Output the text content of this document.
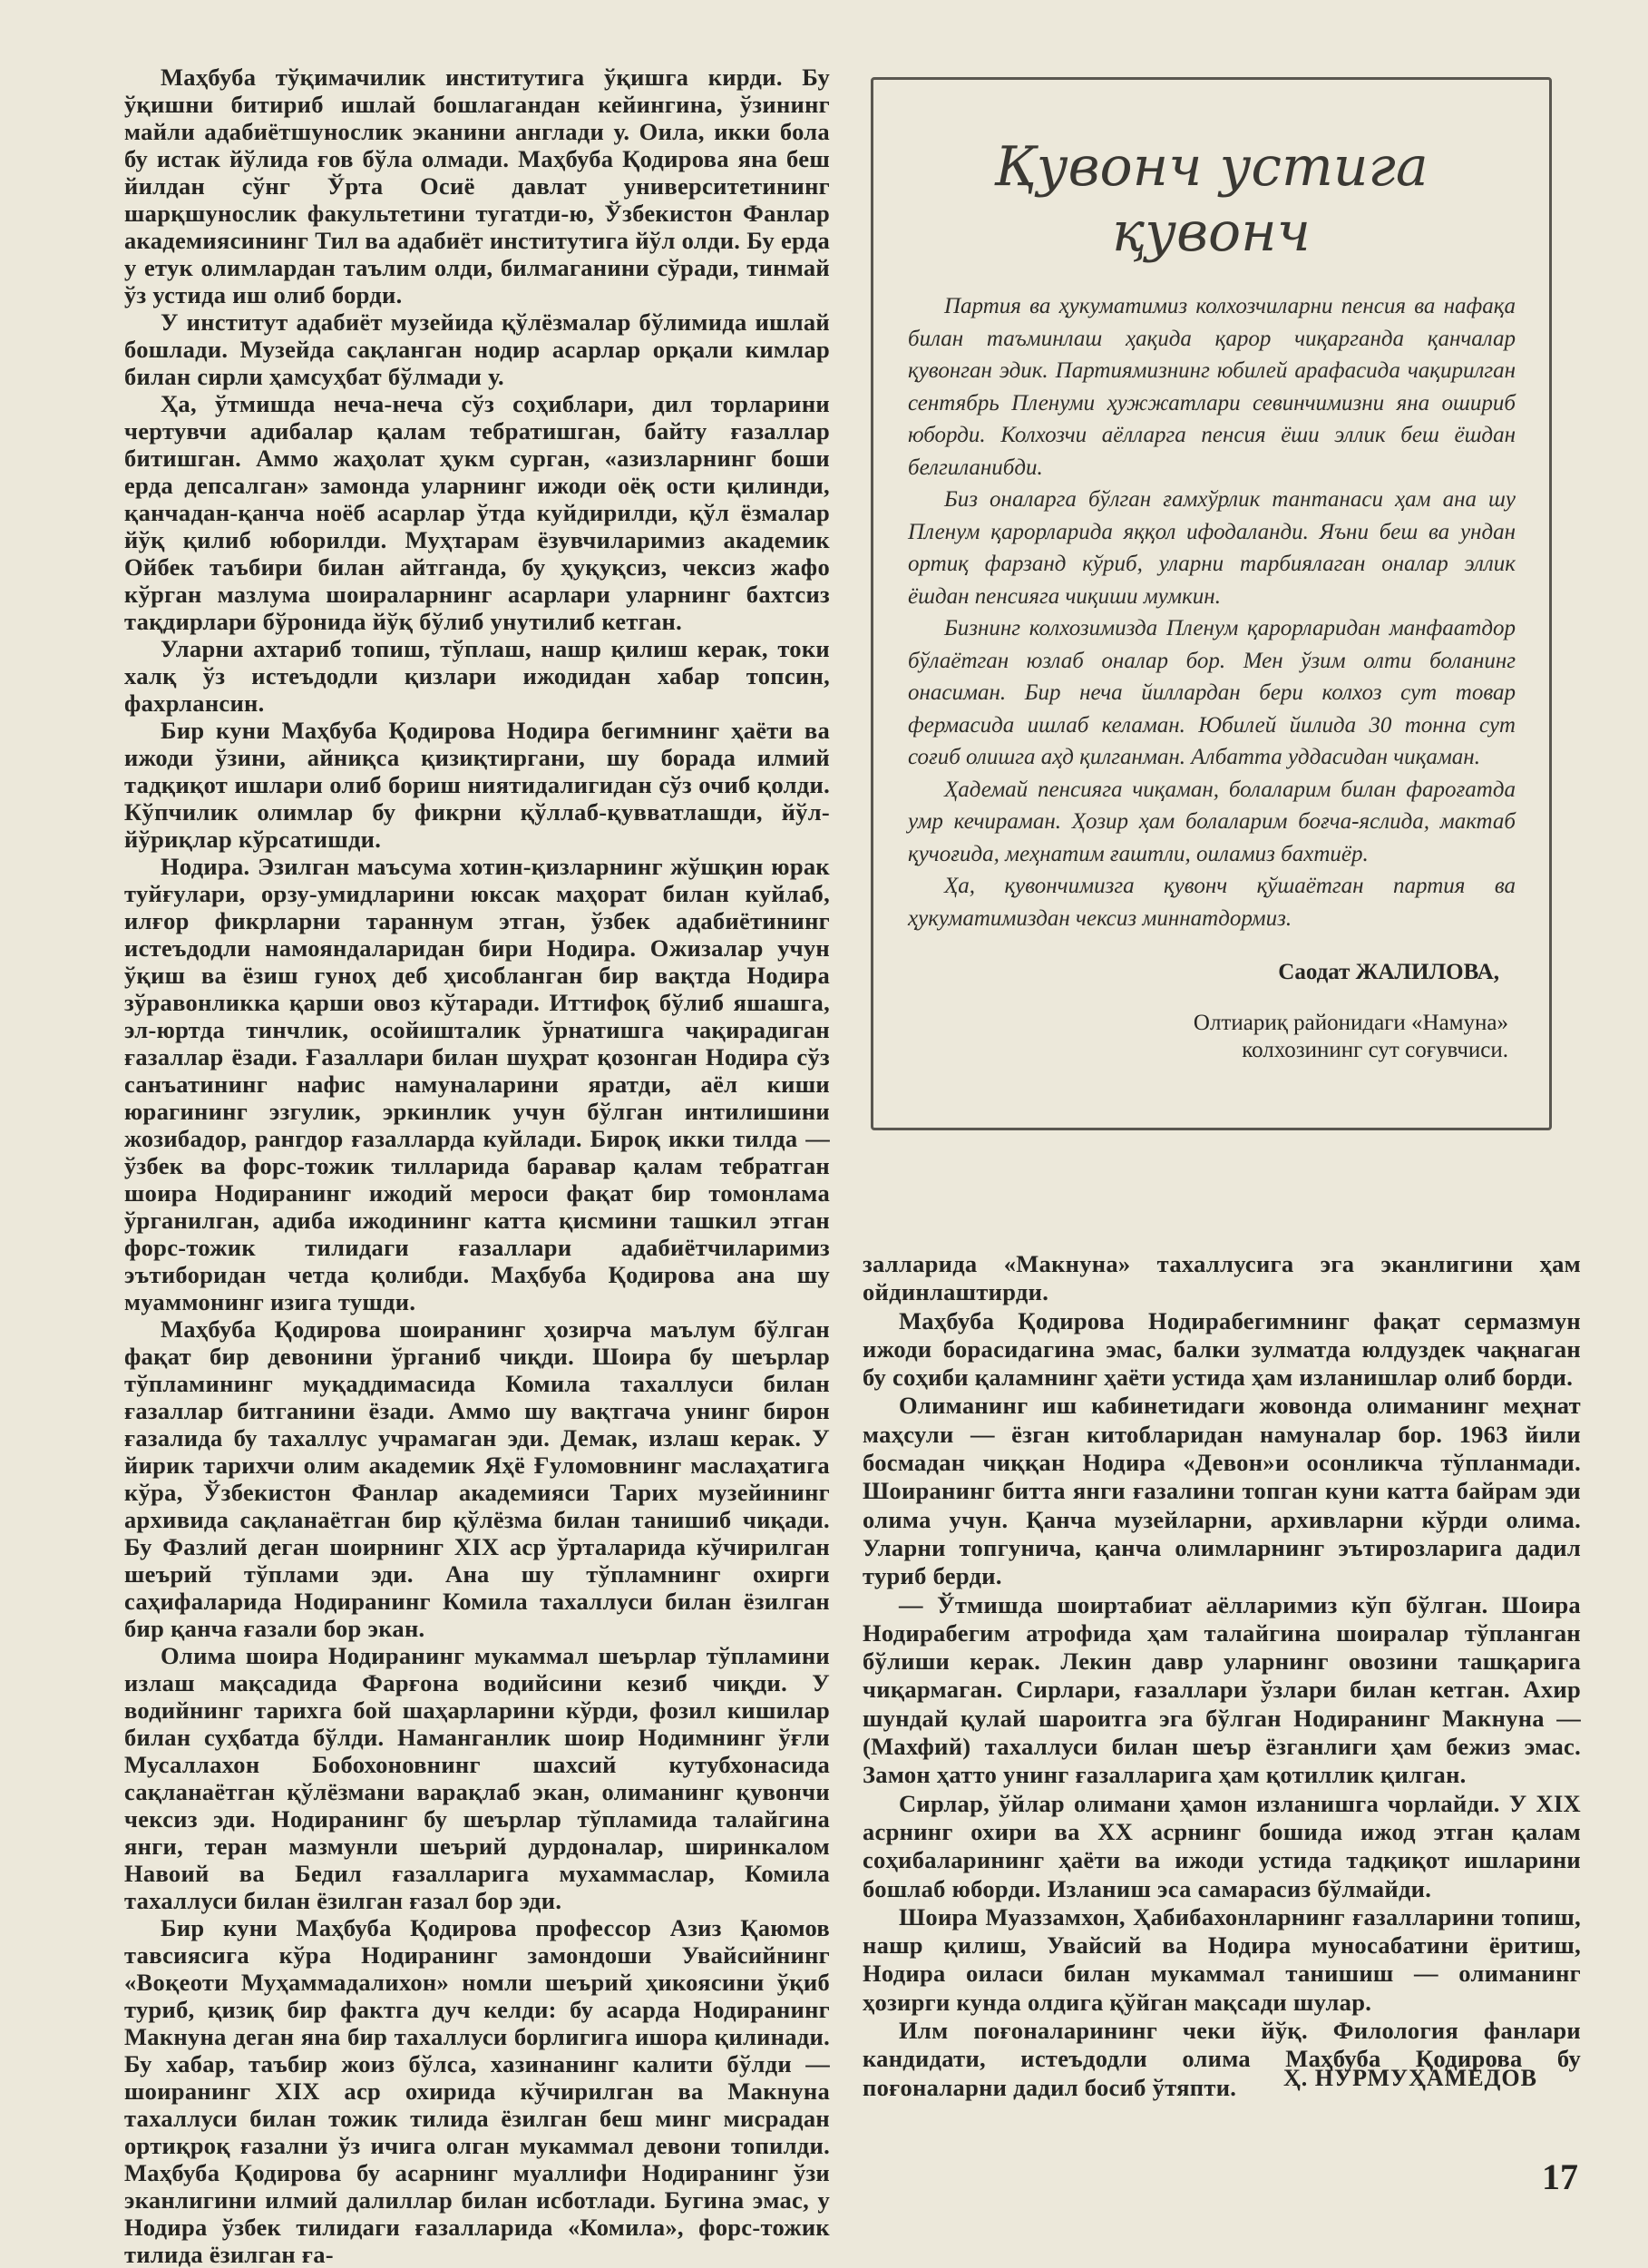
Маҳбуба тўқимачилик институтига ўқишга кирди. Бу ўқишни битириб ишлай бошлагандан кейингина, ўзининг майли адабиётшунослик эканини англади у. Оила, икки бола бу истак йўлида ғов бўла олмади. Маҳбуба Қодирова яна беш йилдан сўнг Ўрта Осиё давлат университетининг шарқшунослик факультетини тугатди-ю, Ўзбекистон Фанлар академиясининг Тил ва адабиёт институтига йўл олди. Бу ерда у етук олимлардан таълим олди, билмаганини сўради, тинмай ўз устида иш олиб борди.

У институт адабиёт музейида қўлёзмалар бўлимида ишлай бошлади. Музейда сақланган нодир асарлар орқали кимлар билан сирли ҳамсуҳбат бўлмади у.

Ҳа, ўтмишда неча-неча сўз соҳиблари, дил торларини чертувчи адибалар қалам тебратишган, байту ғазаллар битишган. Аммо жаҳолат ҳукм сурган, «азизларнинг боши ерда депсалган» замонда уларнинг ижоди оёқ ости қилинди, қанчадан-қанча ноёб асарлар ўтда куйдирилди, қўл ёзмалар йўқ қилиб юборилди. Муҳтарам ёзувчиларимиз академик Ойбек таъбири билан айтганда, бу ҳуқуқсиз, чексиз жафо кўрган мазлума шоираларнинг асарлари уларнинг бахтсиз тақдирлари бўронида йўқ бўлиб унутилиб кетган.

Уларни ахтариб топиш, тўплаш, нашр қилиш керак, токи халқ ўз истеъдодли қизлари ижодидан хабар топсин, фахрлансин.

Бир куни Маҳбуба Қодирова Нодира бегимнинг ҳаёти ва ижоди ўзини, айниқса қизиқтиргани, шу борада илмий тадқиқот ишлари олиб бориш ниятидалигидан сўз очиб қолди. Кўпчилик олимлар бу фикрни қўллаб-қувватлашди, йўл-йўриқлар кўрсатишди.

Нодира. Эзилган маъсума хотин-қизларнинг жўшқин юрак туйғулари, орзу-умидларини юксак маҳорат билан куйлаб, илғор фикрларни тараннум этган, ўзбек адабиётининг истеъдодли намояндаларидан бири Нодира. Ожизалар учун ўқиш ва ёзиш гуноҳ деб ҳисобланган бир вақтда Нодира зўравонликка қарши овоз кўтаради. Иттифоқ бўлиб яшашга, эл-юртда тинчлик, осойишталик ўрнатишга чақирадиган ғазаллар ёзади. Ғазаллари билан шуҳрат қозонган Нодира сўз санъатининг нафис намуналарини яратди, аёл киши юрагининг эзгулик, эркинлик учун бўлган интилишини жозибадор, рангдор ғазалларда куйлади. Бироқ икки тилда — ўзбек ва форс-тожик тилларида баравар қалам тебратган шоира Нодиранинг ижодий мероси фақат бир томонлама ўрганилган, адиба ижодининг катта қисмини ташкил этган форс-тожик тилидаги ғазаллари адабиётчиларимиз эътиборидан четда қолибди. Маҳбуба Қодирова ана шу муаммонинг изига тушди.

Маҳбуба Қодирова шоиранинг ҳозирча маълум бўлган фақат бир девонини ўрганиб чиқди. Шоира бу шеърлар тўпламининг муқаддимасида Комила тахаллуси билан ғазаллар битганини ёзади. Аммо шу вақтгача унинг бирон ғазалида бу тахаллус учрамаган эди. Демак, излаш керак. У йирик тарихчи олим академик Яҳё Ғуломовнинг маслаҳатига кўра, Ўзбекистон Фанлар академияси Тарих музейининг архивида сақланаётган бир қўлёзма билан танишиб чиқади. Бу Фазлий деган шоирнинг XIX аср ўрталарида кўчирилган шеърий тўплами эди. Ана шу тўпламнинг охирги саҳифаларида Нодиранинг Комила тахаллуси билан ёзилган бир қанча ғазали бор экан.

Олима шоира Нодиранинг мукаммал шеърлар тўпламини излаш мақсадида Фарғона водийсини кезиб чиқди. У водийнинг тарихга бой шаҳарларини кўрди, фозил кишилар билан суҳбатда бўлди. Наманганлик шоир Нодимнинг ўғли Мусаллахон Бобохоновнинг шахсий кутубхонасида сақланаётган қўлёзмани варақлаб экан, олиманинг қувончи чексиз эди. Нодиранинг бу шеърлар тўпламида талайгина янги, теран мазмунли шеърий дурдоналар, ширинкалом Навоий ва Бедил ғазалларига мухаммаслар, Комила тахаллуси билан ёзилган ғазал бор эди.

Бир куни Маҳбуба Қодирова профессор Азиз Қаюмов тавсиясига кўра Нодиранинг замондоши Увайсийнинг «Воқеоти Муҳаммадалихон» номли шеърий ҳикоясини ўқиб туриб, қизиқ бир фактга дуч келди: бу асарда Нодиранинг Макнуна деган яна бир тахаллуси борлигига ишора қилинади. Бу хабар, таъбир жоиз бўлса, хазинанинг калити бўлди — шоиранинг XIX аср охирида кўчирилган ва Макнуна тахаллуси билан тожик тилида ёзилган беш минг мисрадан ортиқроқ ғазални ўз ичига олган мукаммал девони топилди. Маҳбуба Қодирова бу асарнинг муаллифи Нодиранинг ўзи эканлигини илмий далиллар билан исботлади. Бугина эмас, у Нодира ўзбек тилидаги ғазалларида «Комила», форс-тожик тилида ёзилган ға-

Қувонч устига
қувонч

Партия ва ҳукуматимиз колхозчиларни пенсия ва нафақа билан таъминлаш ҳақида қарор чиқарганда қанчалар қувонган эдик. Партиямизнинг юбилей арафасида чақирилган сентябрь Пленуми ҳужжатлари севинчимизни яна ошириб юборди. Колхозчи аёлларга пенсия ёши эллик беш ёшдан белгиланибди.

Биз оналарга бўлган ғамхўрлик тантанаси ҳам ана шу Пленум қарорларида яққол ифодаланди. Яъни беш ва ундан ортиқ фарзанд кўриб, уларни тарбиялаган оналар эллик ёшдан пенсияга чиқиши мумкин.

Бизнинг колхозимизда Пленум қарорларидан манфаатдор бўлаётган юзлаб оналар бор. Мен ўзим олти боланинг онасиман. Бир неча йиллардан бери колхоз сут товар фермасида ишлаб келаман. Юбилей йилида 30 тонна сут соғиб олишга аҳд қилганман. Албатта уддасидан чиқаман.

Ҳадемай пенсияга чиқаман, болаларим билан фароғатда умр кечираман. Ҳозир ҳам болаларим боғча-яслида, мактаб қучоғида, меҳнатим ғаштли, оиламиз бахтиёр.

Ҳа, қувончимизга қувонч қўшаётган партия ва ҳукуматимиздан чексиз миннатдормиз.

Саодат ЖАЛИЛОВА,
Олтиариқ районидаги «Намуна» колхозининг сут соғувчиси.

залларида «Макнуна» тахаллусига эга эканлигини ҳам ойдинлаштирди.

Маҳбуба Қодирова Нодирабегимнинг фақат сермазмун ижоди борасидагина эмас, балки зулматда юлдуздек чақнаган бу соҳиби қаламнинг ҳаёти устида ҳам изланишлар олиб борди.

Олиманинг иш кабинетидаги жовонда олиманинг меҳнат маҳсули — ёзган китобларидан намуналар бор. 1963 йили босмадан чиққан Нодира «Девон»и осонликча тўпланмади. Шоиранинг битта янги ғазалини топган куни катта байрам эди олима учун. Қанча музейларни, архивларни кўрди олима. Уларни топгунича, қанча олимларнинг эътирозларига дадил туриб берди.

— Ўтмишда шоиртабиат аёлларимиз кўп бўлган. Шоира Нодирабегим атрофида ҳам талайгина шоиралар тўпланган бўлиши керак. Лекин давр уларнинг овозини ташқарига чиқармаган. Сирлари, ғазаллари ўзлари билан кетган. Ахир шундай қулай шароитга эга бўлган Нодиранинг Макнуна — (Махфий) тахаллуси билан шеър ёзганлиги ҳам бежиз эмас. Замон ҳатто унинг ғазалларига ҳам қотиллик қилган.

Сирлар, ўйлар олимани ҳамон изланишга чорлайди. У XIX асрнинг охири ва XX асрнинг бошида ижод этган қалам соҳибаларининг ҳаёти ва ижоди устида тадқиқот ишларини бошлаб юборди. Изланиш эса самарасиз бўлмайди.

Шоира Муаззамхон, Ҳабибахонларнинг ғазалларини топиш, нашр қилиш, Увайсий ва Нодира муносабатини ёритиш, Нодира оиласи билан мукаммал танишиш — олиманинг ҳозирги кунда олдига қўйган мақсади шулар.

Илм поғоналарининг чеки йўқ. Филология фанлари кандидати, истеъдодли олима Маҳбуба Қодирова бу поғоналарни дадил босиб ўтяпти.	Ҳ. НУРМУҲАМЕДОВ
17
